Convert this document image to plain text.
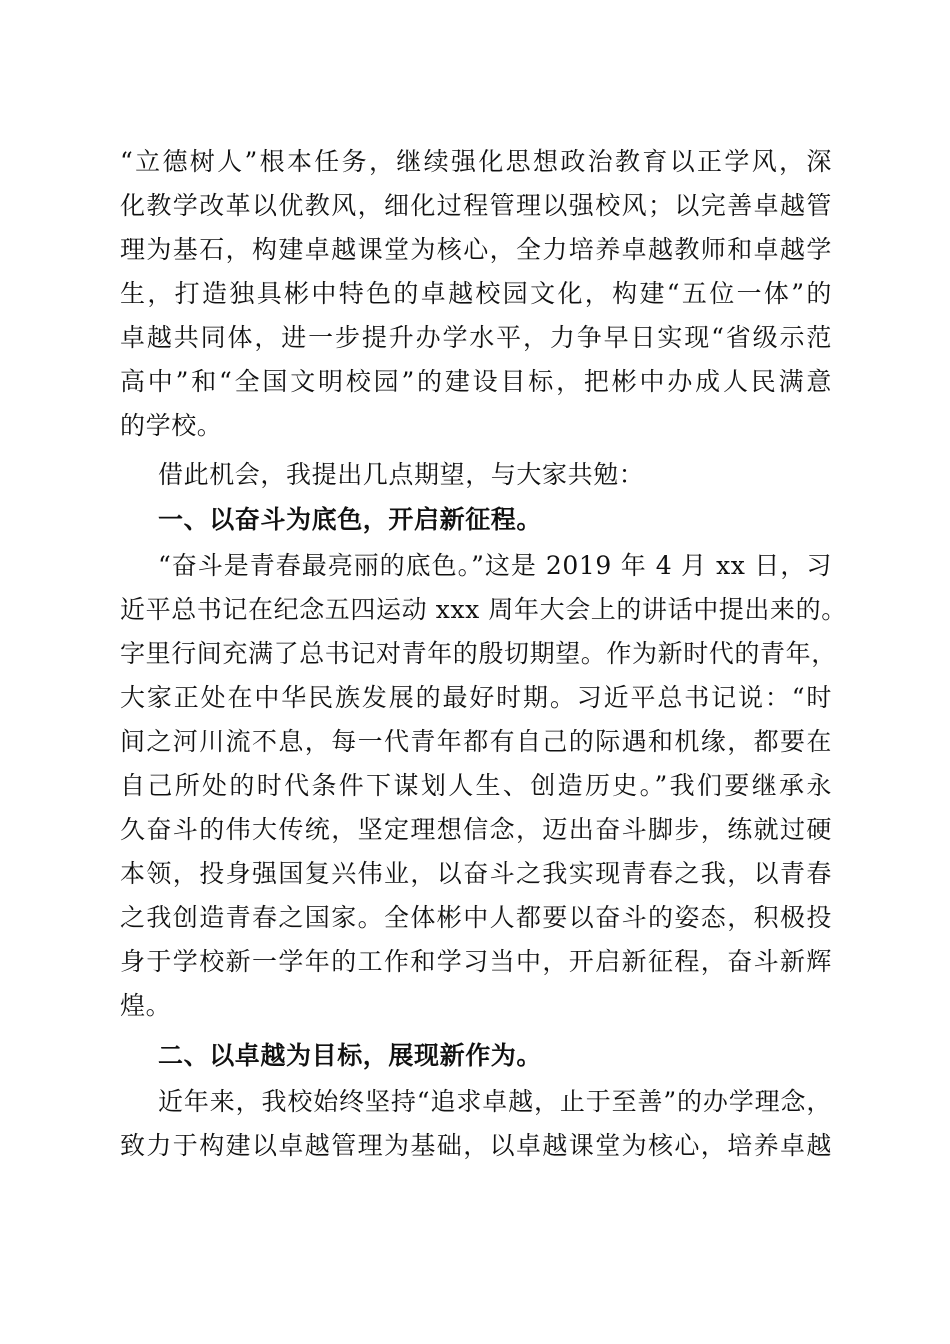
“立德树人”根本任务，继续强化思想政治教育以正学风，深
化教学改革以优教风，细化过程管理以强校风；以完善卓越管
理为基石，构建卓越课堂为核心，全力培养卓越教师和卓越学
生，打造独具彬中特色的卓越校园文化，构建“五位一体”的
卓越共同体，进一步提升办学水平，力争早日实现“省级示范
高中”和“全国文明校园”的建设目标，把彬中办成人民满意
的学校。
借此机会，我提出几点期望，与大家共勉：
一、以奋斗为底色，开启新征程。
“奋斗是青春最亮丽的底色。”这是 2019 年 4 月 xx 日，习
近平总书记在纪念五四运动 xxx 周年大会上的讲话中提出来的。
字里行间充满了总书记对青年的殷切期望。作为新时代的青年，
大家正处在中华民族发展的最好时期。习近平总书记说：“时
间之河川流不息，每一代青年都有自己的际遇和机缘，都要在
自己所处的时代条件下谋划人生、创造历史。”我们要继承永
久奋斗的伟大传统，坚定理想信念，迈出奋斗脚步，练就过硬
本领，投身强国复兴伟业，以奋斗之我实现青春之我，以青春
之我创造青春之国家。全体彬中人都要以奋斗的姿态，积极投
身于学校新一学年的工作和学习当中，开启新征程，奋斗新辉
煌。
二、以卓越为目标，展现新作为。
近年来，我校始终坚持“追求卓越，止于至善”的办学理念，
致力于构建以卓越管理为基础，以卓越课堂为核心，培养卓越
